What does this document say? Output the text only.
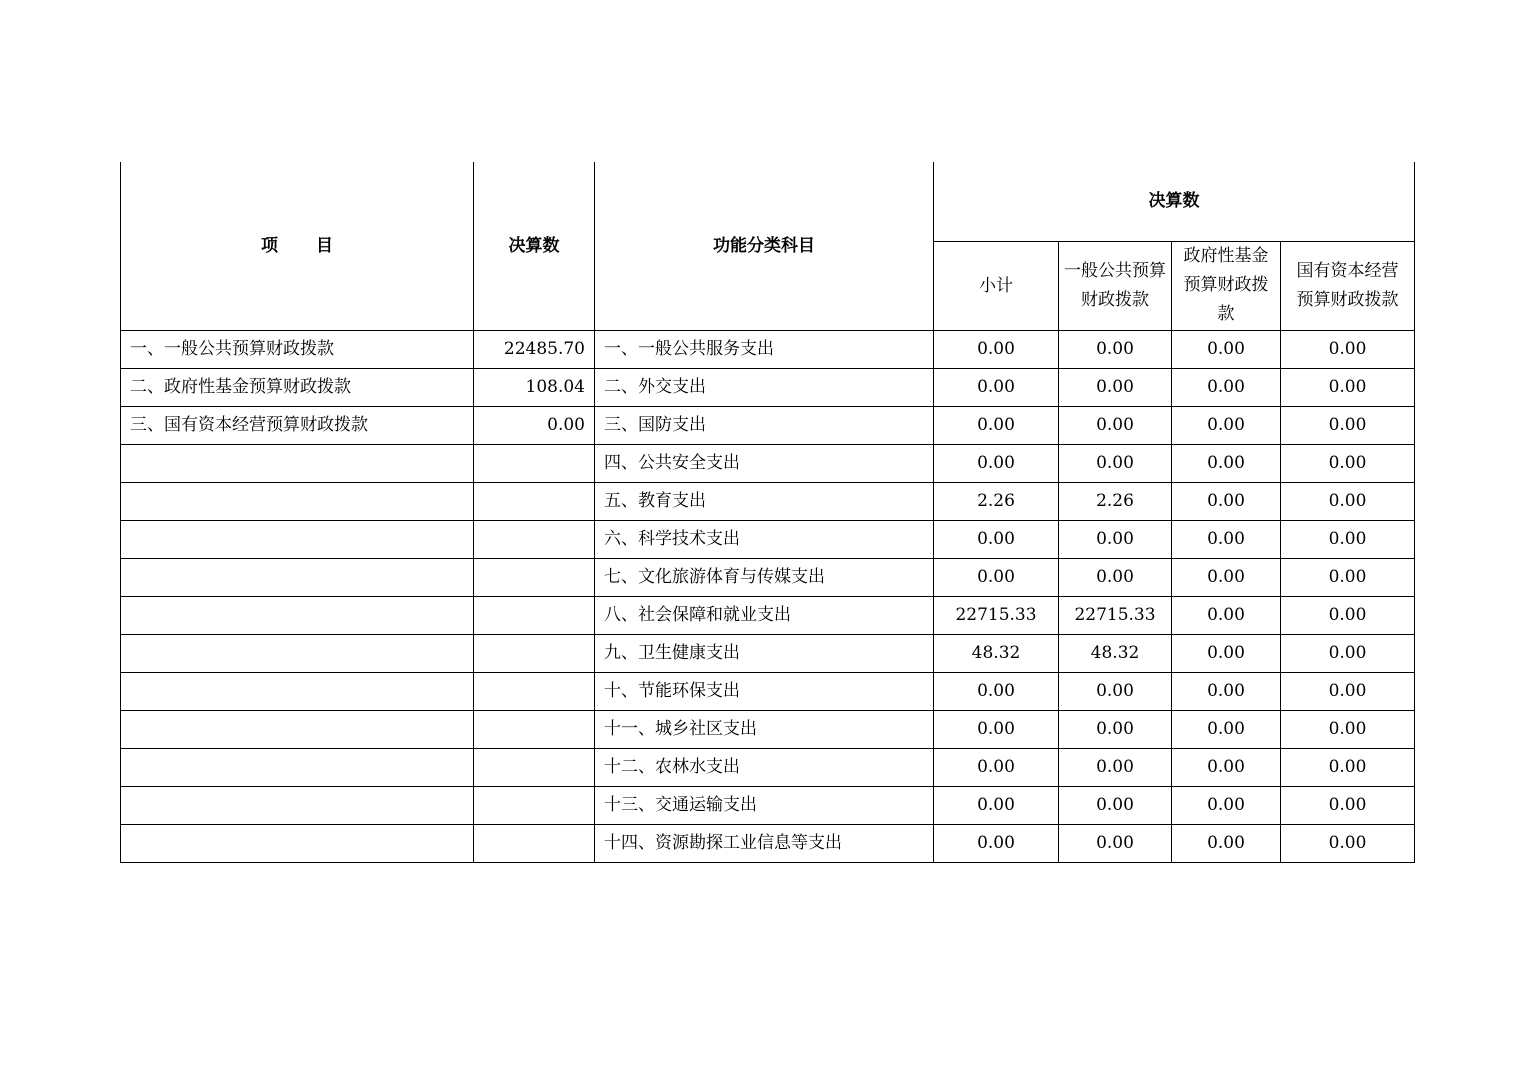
项 目	决算数	功能分类科目	决算数			
			小计	一般公共预算财政拨款	政府性基金预算财政拨款	国有资本经营预算财政拨款
一、一般公共预算财政拨款	22485.70	一、一般公共服务支出	0.00	0.00	0.00	0.00
二、政府性基金预算财政拨款	108.04	二、外交支出	0.00	0.00	0.00	0.00
三、国有资本经营预算财政拨款	0.00	三、国防支出	0.00	0.00	0.00	0.00
		四、公共安全支出	0.00	0.00	0.00	0.00
		五、教育支出	2.26	2.26	0.00	0.00
		六、科学技术支出	0.00	0.00	0.00	0.00
		七、文化旅游体育与传媒支出	0.00	0.00	0.00	0.00
		八、社会保障和就业支出	22715.33	22715.33	0.00	0.00
		九、卫生健康支出	48.32	48.32	0.00	0.00
		十、节能环保支出	0.00	0.00	0.00	0.00
		十一、城乡社区支出	0.00	0.00	0.00	0.00
		十二、农林水支出	0.00	0.00	0.00	0.00
		十三、交通运输支出	0.00	0.00	0.00	0.00
		十四、资源勘探工业信息等支出	0.00	0.00	0.00	0.00
